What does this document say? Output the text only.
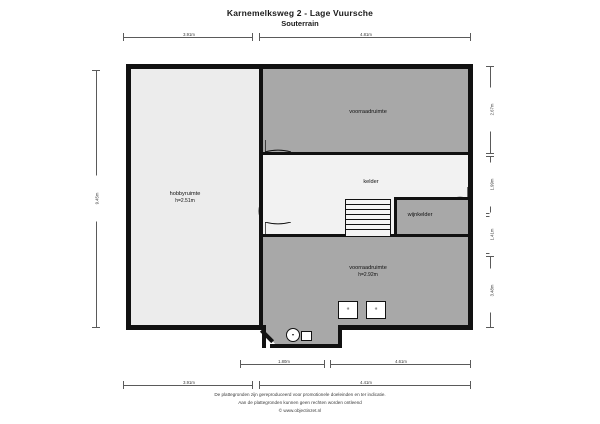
Karnemelksweg 2 - Lage Vuursche
Souterrain
✳	✳
▾
hobbyruimte
h=2.51m
voorraadruimte
kelder
wijnkelder
voorraadruimte
h=2.92m
3.91m	4.81m
9.45m
2.67m
1.99m
1.41m
3.48m
1.80m	4.61m
3.91m	4.41m
De plattegronden zijn gereproduceerd voor promotionele doeleinden en ter indicatie.
Aan de plattegronden kunnen geen rechten worden ontleend
© www.objectinzet.nl
